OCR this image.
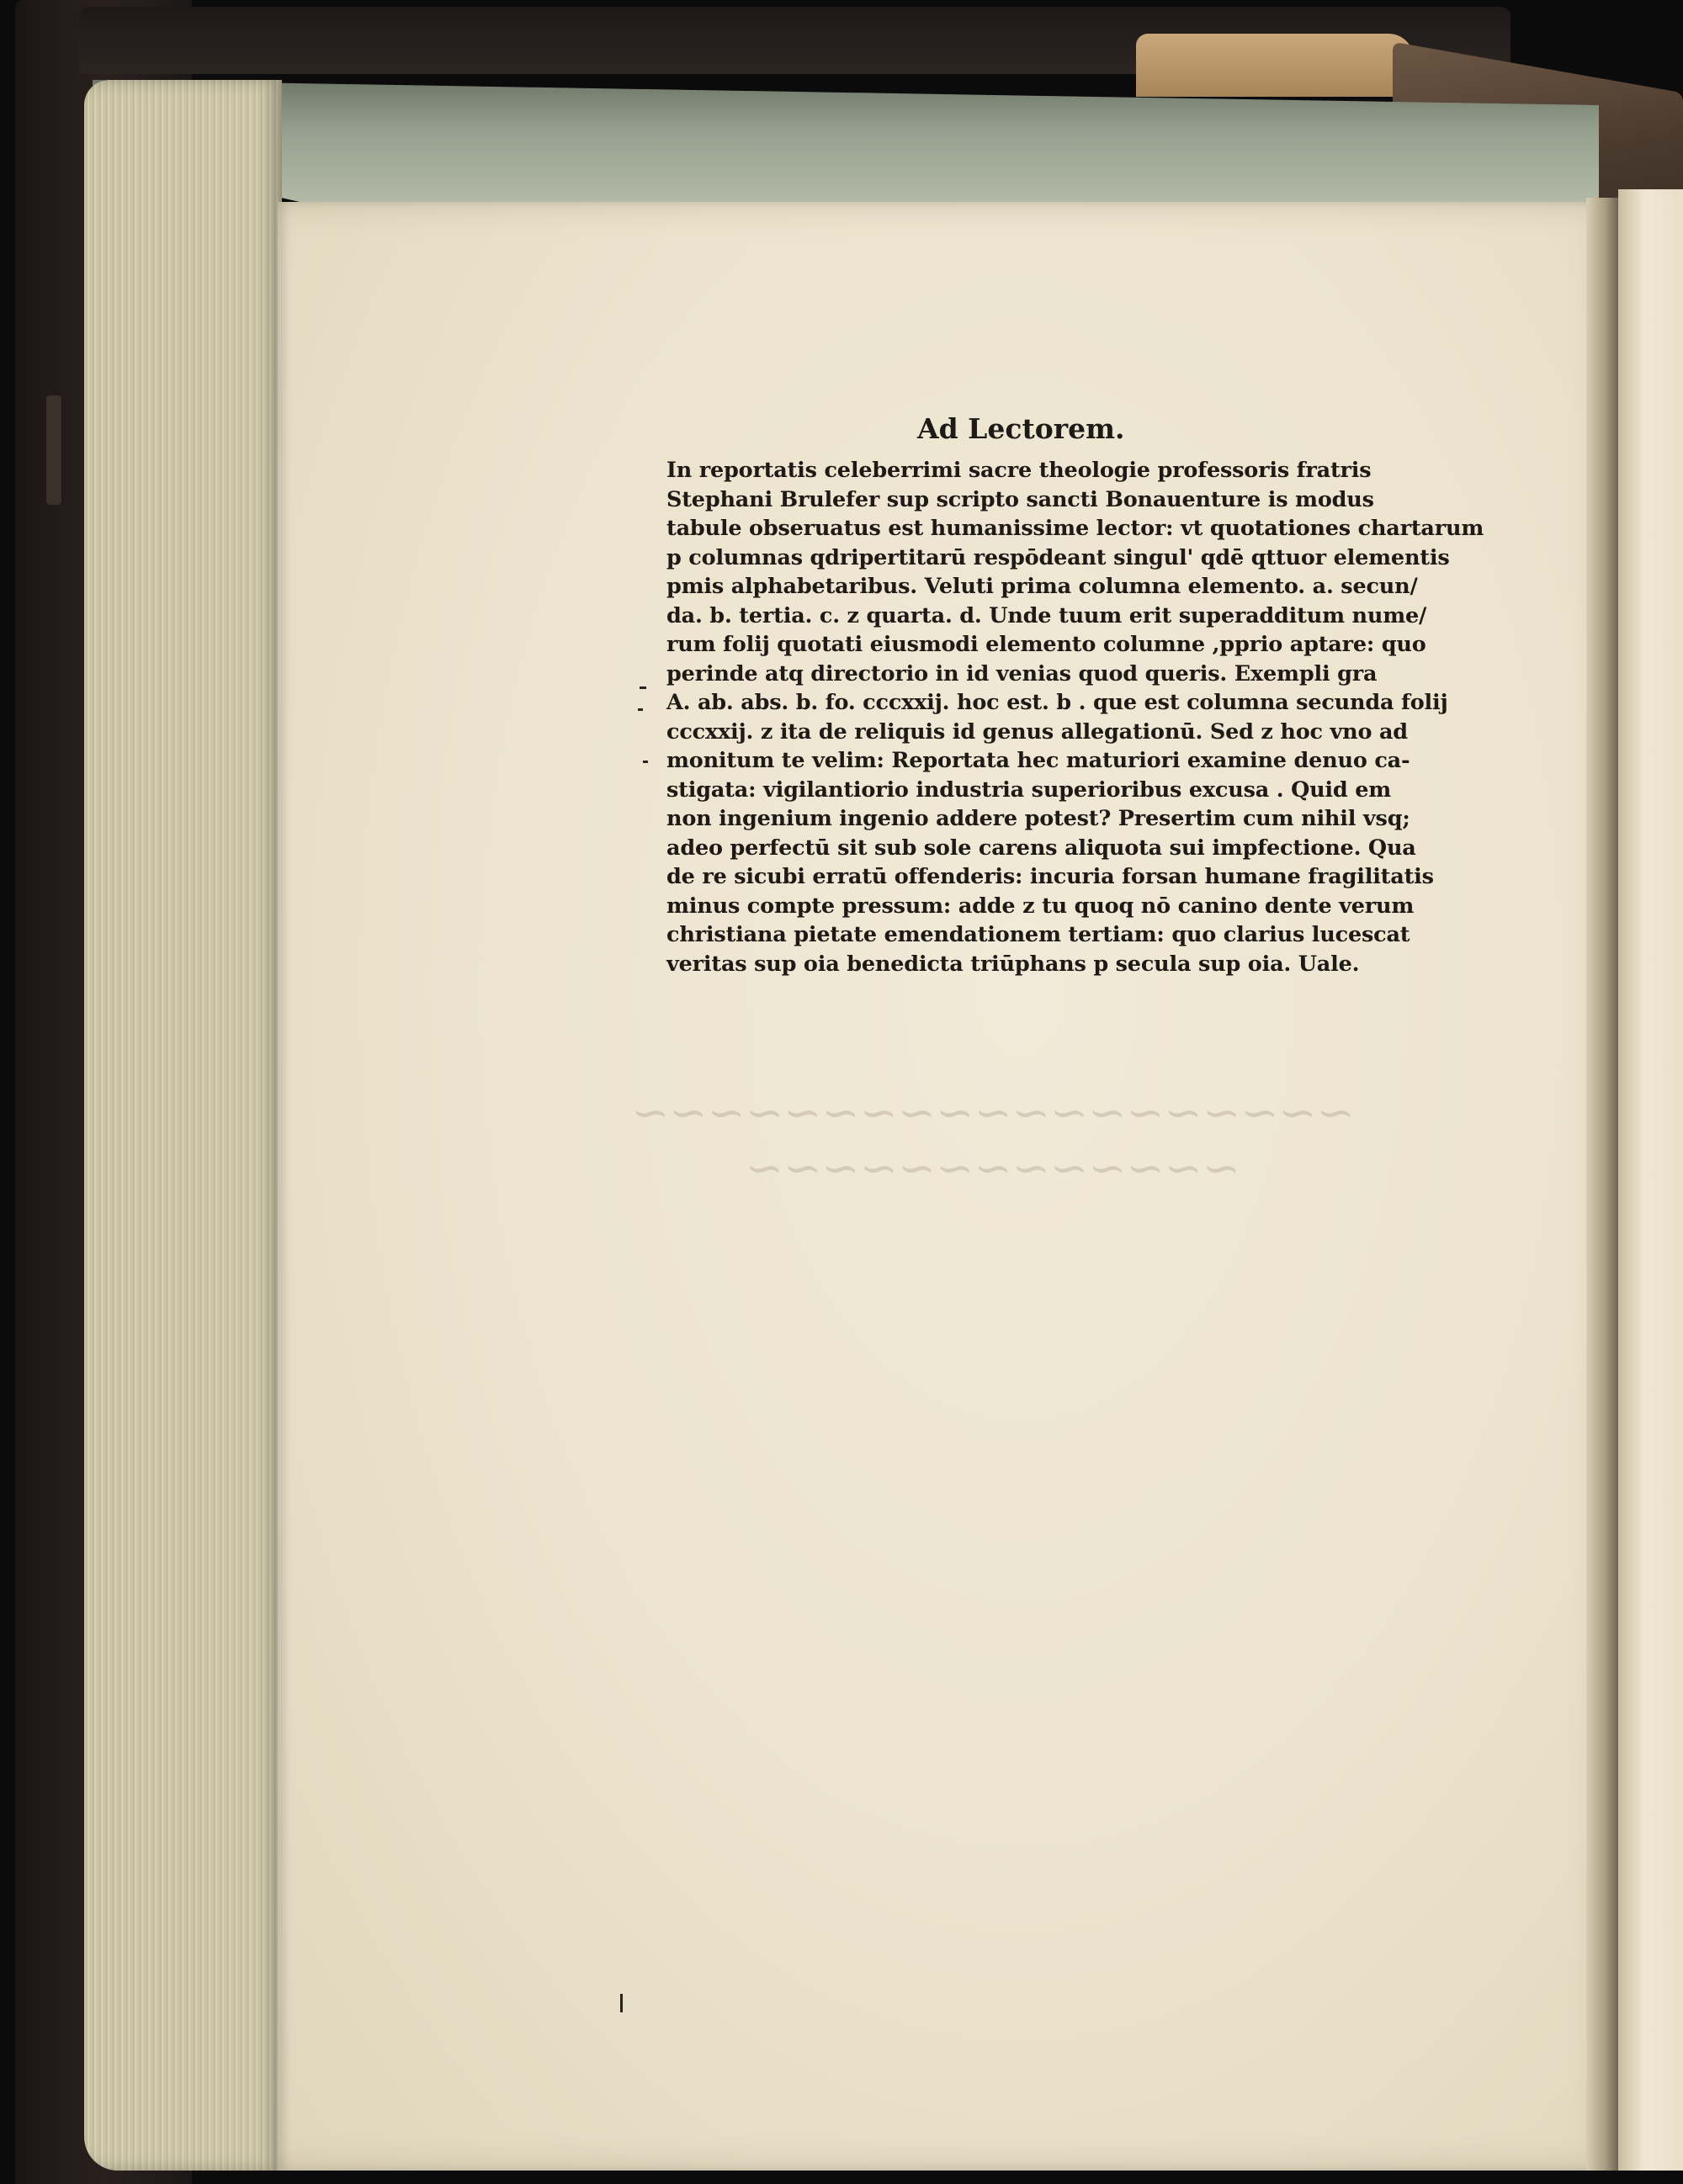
~~~~~~~~~~~~~~~~~~~
~~~~~~~~~~~~~
Ad Lectorem.
In reportatis celeberrimi sacre theologie professoris fratris
Stephani Brulefer sup scripto sancti Bonauenture is modus
tabule obseruatus est humanissime lector: vt quotationes chartarum
p columnas qdripertitarū respōdeant singul' qdē qttuor elementis
pmis alphabetaribus. Veluti prima columna elemento. a. secun/
da. b. tertia. c. z quarta. d. Unde tuum erit superadditum nume/
rum folij quotati eiusmodi elemento columne ,pprio aptare: quo
perinde atq directorio in id venias quod queris. Exempli gra
A. ab. abs. b. fo. cccxxij. hoc est. b . que est columna secunda folij
cccxxij. z ita de reliquis id genus allegationū. Sed z hoc vno ad
monitum te velim: Reportata hec maturiori examine denuo ca-
stigata: vigilantiorio industria superioribus excusa . Quid em
non ingenium ingenio addere potest? Presertim cum nihil vsq;
adeo perfectū sit sub sole carens aliquota sui impfectione. Qua
de re sicubi erratū offenderis: incuria forsan humane fragilitatis
minus compte pressum: adde z tu quoq nō canino dente verum
christiana pietate emendationem tertiam: quo clarius lucescat
veritas sup oia benedicta triūphans p secula sup oia. Uale.
